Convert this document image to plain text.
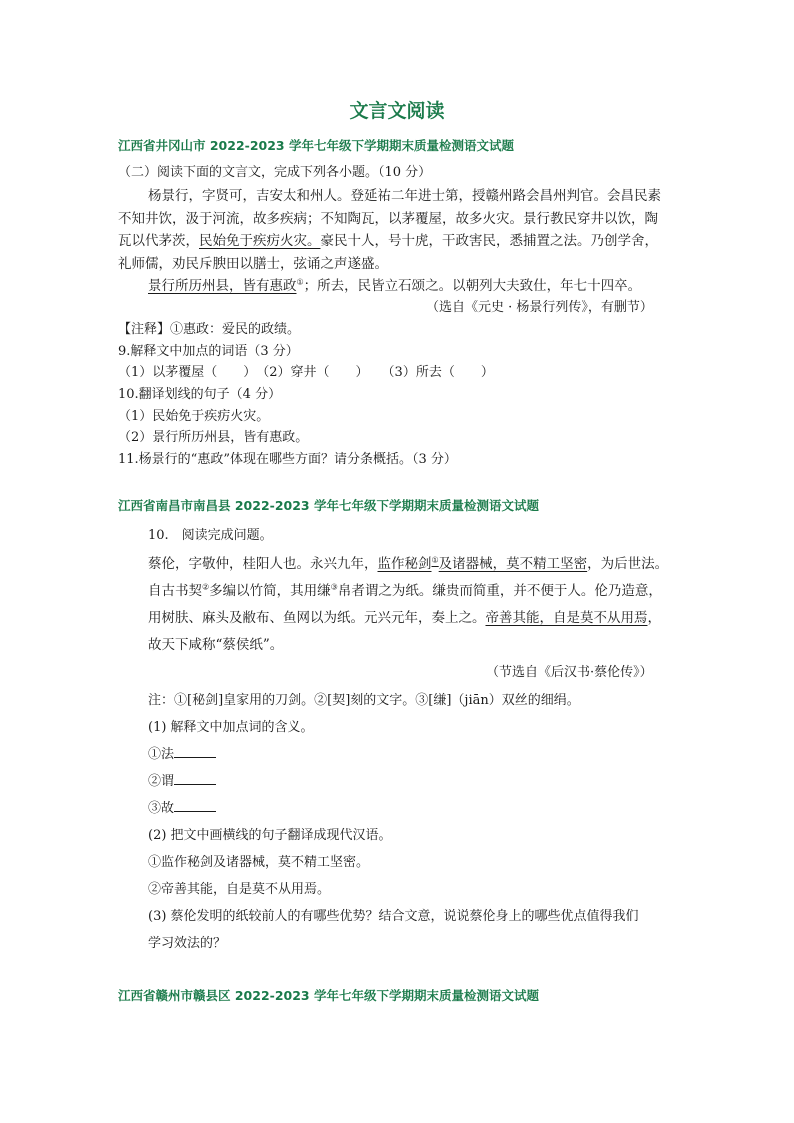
文言文阅读
江西省井冈山市 2022-2023 学年七年级下学期期末质量检测语文试题
（二）阅读下面的文言文，完成下列各小题。（10 分）
杨景行，字贤可，吉安太和州人。登延祐二年进士第，授赣州路会昌州判官。会昌民素
不知井饮，汲于河流，故多疾病；不知陶瓦，以茅覆屋，故多火灾。景行教民穿井以饮，陶
瓦以代茅茨，民始免于疾疠火灾。豪民十人，号十虎，干政害民，悉捕置之法。乃创学舍，
礼师儒，劝民斥腴田以膳士，弦诵之声遂盛。
景行所历州县，皆有惠政①；所去，民皆立石颂之。以朝列大夫致仕，年七十四卒。
（选自《元史 · 杨景行列传》，有删节）
【注释】①惠政：爱民的政绩。
9.解释文中加点的词语（3 分）
（1）以茅覆屋（　　）　（2）穿井（　　）　　（3）所去（　　）
10.翻译划线的句子（4 分）
（1）民始免于疾疠火灾。
（2）景行所历州县，皆有惠政。
11.杨景行的“惠政”体现在哪些方面？请分条概括。（3 分）
江西省南昌市南昌县 2022-2023 学年七年级下学期期末质量检测语文试题
10.　阅读完成问题。
蔡伦，字敬仲，桂阳人也。永兴九年，监作秘剑①及诸器械，莫不精工坚密，为后世法。
自古书契②多编以竹简，其用缣③帛者谓之为纸。缣贵而简重，并不便于人。伦乃造意，
用树肤、麻头及敝布、鱼网以为纸。元兴元年，奏上之。帝善其能，自是莫不从用焉，
故天下咸称“蔡侯纸”。
（节选自《后汉书·蔡伦传》）
注：①[秘剑]皇家用的刀剑。②[契]刻的文字。③[缣]（jiān）双丝的细绢。
(1) 解释文中加点词的含义。
①法
②谓
③故
(2) 把文中画横线的句子翻译成现代汉语。
①监作秘剑及诸器械，莫不精工坚密。
②帝善其能，自是莫不从用焉。
(3) 蔡伦发明的纸较前人的有哪些优势？结合文意，说说蔡伦身上的哪些优点值得我们
学习效法的？
江西省赣州市赣县区 2022-2023 学年七年级下学期期末质量检测语文试题
